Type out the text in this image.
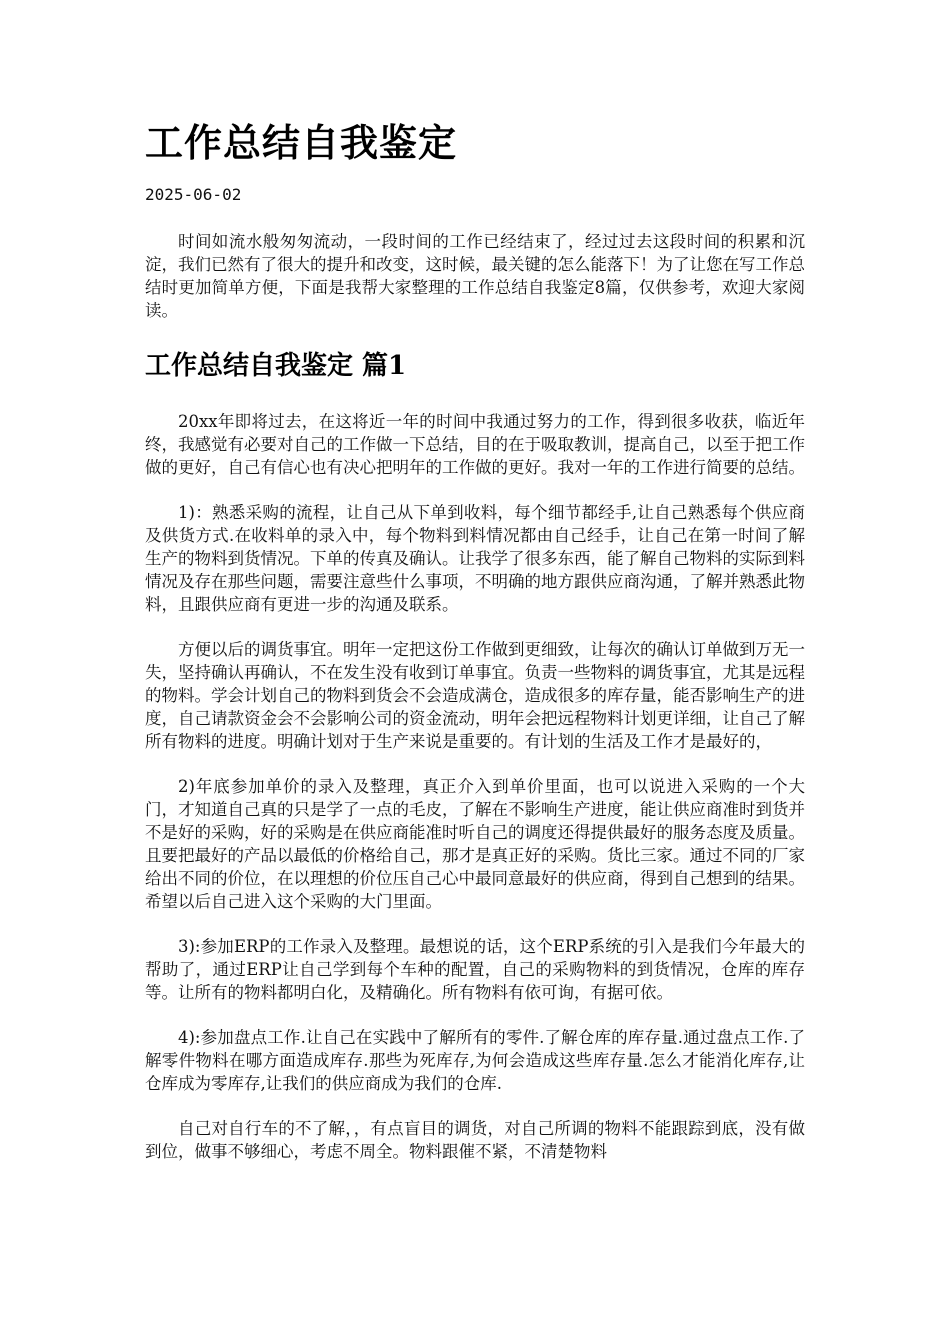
工作总结自我鉴定
2025-06-02

时间如流水般匆匆流动，一段时间的工作已经结束了，经过过去这段时间的积累和沉淀，我们已然有了很大的提升和改变，这时候，最关键的怎么能落下！为了让您在写工作总结时更加简单方便，下面是我帮大家整理的工作总结自我鉴定8篇，仅供参考，欢迎大家阅读。

工作总结自我鉴定 篇1

20xx年即将过去，在这将近一年的时间中我通过努力的工作，得到很多收获，临近年终，我感觉有必要对自己的工作做一下总结，目的在于吸取教训，提高自己，以至于把工作做的更好，自己有信心也有决心把明年的工作做的更好。我对一年的工作进行简要的总结。

1)：熟悉采购的流程，让自己从下单到收料，每个细节都经手,让自己熟悉每个供应商及供货方式.在收料单的录入中，每个物料到料情况都由自己经手，让自己在第一时间了解生产的物料到货情况。下单的传真及确认。让我学了很多东西，能了解自己物料的实际到料情况及存在那些问题，需要注意些什么事项，不明确的地方跟供应商沟通，了解并熟悉此物料，且跟供应商有更进一步的沟通及联系。

方便以后的调货事宜。明年一定把这份工作做到更细致，让每次的确认订单做到万无一失，坚持确认再确认，不在发生没有收到订单事宜。负责一些物料的调货事宜，尤其是远程的物料。学会计划自己的物料到货会不会造成满仓，造成很多的库存量，能否影响生产的进度，自己请款资金会不会影响公司的资金流动，明年会把远程物料计划更详细，让自己了解所有物料的进度。明确计划对于生产来说是重要的。有计划的生活及工作才是最好的，

2)年底参加单价的录入及整理，真正介入到单价里面，也可以说进入采购的一个大门，才知道自己真的只是学了一点的毛皮，了解在不影响生产进度，能让供应商准时到货并不是好的采购，好的采购是在供应商能准时听自己的调度还得提供最好的服务态度及质量。且要把最好的产品以最低的价格给自己，那才是真正好的采购。货比三家。通过不同的厂家给出不同的价位，在以理想的价位压自己心中最同意最好的供应商，得到自己想到的结果。希望以后自己进入这个采购的大门里面。

3):参加ERP的工作录入及整理。最想说的话，这个ERP系统的引入是我们今年最大的帮助了，通过ERP让自己学到每个车种的配置，自己的采购物料的到货情况，仓库的库存等。让所有的物料都明白化，及精确化。所有物料有依可询，有据可依。

4):参加盘点工作.让自己在实践中了解所有的零件.了解仓库的库存量.通过盘点工作.了解零件物料在哪方面造成库存.那些为死库存,为何会造成这些库存量.怎么才能消化库存,让仓库成为零库存,让我们的供应商成为我们的仓库.

自己对自行车的不了解，，有点盲目的调货，对自己所调的物料不能跟踪到底，没有做到位，做事不够细心，考虑不周全。物料跟催不紧，不清楚物料
